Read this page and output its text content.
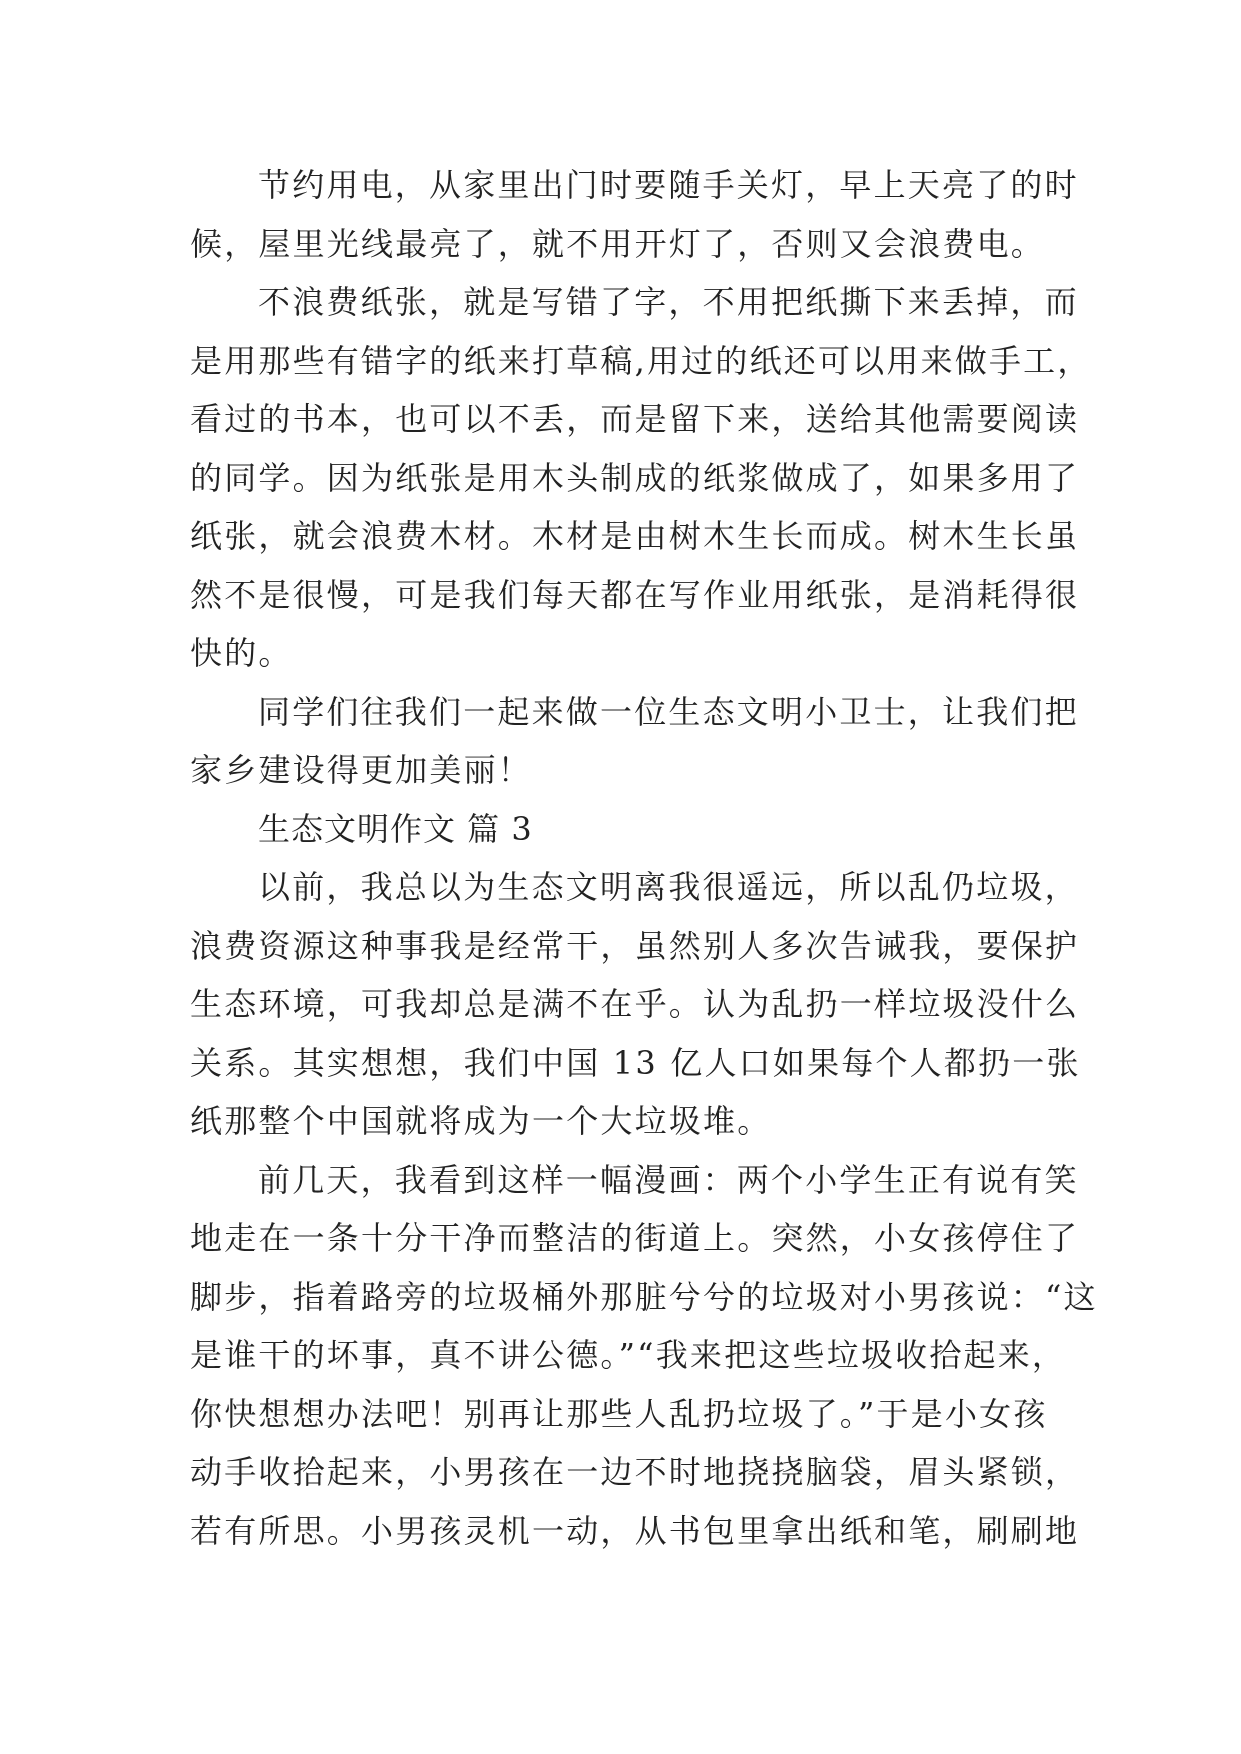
节约用电，从家里出门时要随手关灯，早上天亮了的时
候，屋里光线最亮了，就不用开灯了，否则又会浪费电。
不浪费纸张，就是写错了字，不用把纸撕下来丢掉，而
是用那些有错字的纸来打草稿,用过的纸还可以用来做手工，
看过的书本，也可以不丢，而是留下来，送给其他需要阅读
的同学。因为纸张是用木头制成的纸浆做成了，如果多用了
纸张，就会浪费木材。木材是由树木生长而成。树木生长虽
然不是很慢，可是我们每天都在写作业用纸张，是消耗得很
快的。
同学们往我们一起来做一位生态文明小卫士，让我们把
家乡建设得更加美丽！
生态文明作文 篇 3
以前，我总以为生态文明离我很遥远，所以乱仍垃圾，
浪费资源这种事我是经常干，虽然别人多次告诫我，要保护
生态环境，可我却总是满不在乎。认为乱扔一样垃圾没什么
关系。其实想想，我们中国 13 亿人口如果每个人都扔一张
纸那整个中国就将成为一个大垃圾堆。
前几天，我看到这样一幅漫画：两个小学生正有说有笑
地走在一条十分干净而整洁的街道上。突然，小女孩停住了
脚步，指着路旁的垃圾桶外那脏兮兮的垃圾对小男孩说：“这
是谁干的坏事，真不讲公德。”“我来把这些垃圾收拾起来，
你快想想办法吧！别再让那些人乱扔垃圾了。”于是小女孩
动手收拾起来，小男孩在一边不时地挠挠脑袋，眉头紧锁，
若有所思。小男孩灵机一动，从书包里拿出纸和笔，刷刷地
